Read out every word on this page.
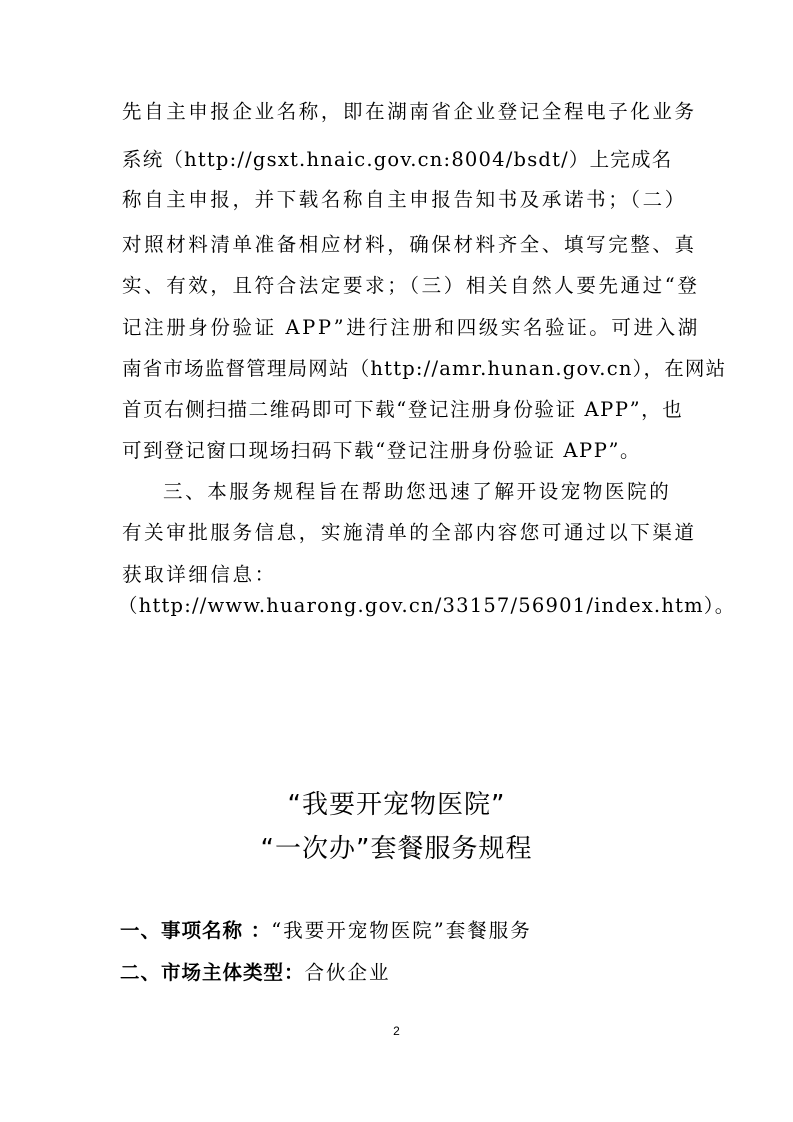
先自主申报企业名称，即在湖南省企业登记全程电子化业务
系统（http://gsxt.hnaic.gov.cn:8004/bsdt/）上完成名
称自主申报，并下载名称自主申报告知书及承诺书；（二）
对照材料清单准备相应材料，确保材料齐全、填写完整、真
实、有效，且符合法定要求；（三）相关自然人要先通过“登
记注册身份验证 APP”进行注册和四级实名验证。可进入湖
南省市场监督管理局网站（http://amr.hunan.gov.cn），在网站
首页右侧扫描二维码即可下载“登记注册身份验证 APP”，也
可到登记窗口现场扫码下载“登记注册身份验证 APP”。
三、本服务规程旨在帮助您迅速了解开设宠物医院的
有关审批服务信息，实施清单的全部内容您可通过以下渠道
获取详细信息：
（http://www.huarong.gov.cn/33157/56901/index.htm）。
“我要开宠物医院”
“一次办”套餐服务规程
一、事项名称 ：“我要开宠物医院”套餐服务
二、市场主体类型：合伙企业
2
